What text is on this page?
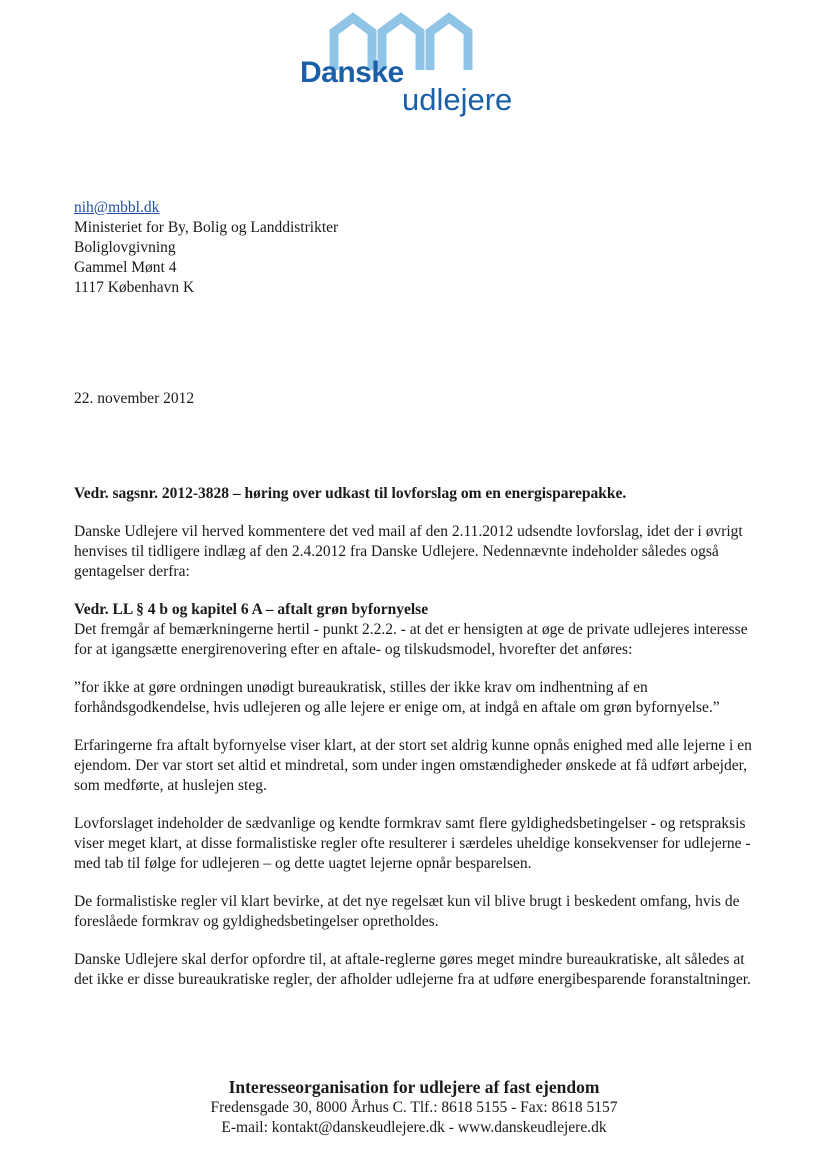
Danske
udlejere
nih@mbbl.dk
Ministeriet for By, Bolig og Landdistrikter
Boliglovgivning
Gammel Mønt 4
1117 København K
22. november 2012

Vedr. sagsnr. 2012-3828 – høring over udkast til lovforslag om en energisparepakke.

Danske Udlejere vil herved kommentere det ved mail af den 2.11.2012 udsendte lovforslag, idet der i øvrigt henvises til tidligere indlæg af den 2.4.2012 fra Danske Udlejere. Nedennævnte indeholder således også gentagelser derfra:

Vedr. LL § 4 b og kapitel 6 A – aftalt grøn byfornyelse

Det fremgår af bemærkningerne hertil - punkt 2.2.2. - at det er hensigten at øge de private udlejeres interesse for at igangsætte energirenovering efter en aftale- og tilskudsmodel, hvorefter det anføres:

”for ikke at gøre ordningen unødigt bureaukratisk, stilles der ikke krav om indhentning af en forhåndsgodkendelse, hvis udlejeren og alle lejere er enige om, at indgå en aftale om grøn byfornyelse.”

Erfaringerne fra aftalt byfornyelse viser klart, at der stort set aldrig kunne opnås enighed med alle lejerne i en ejendom. Der var stort set altid et mindretal, som under ingen omstændigheder ønskede at få udført arbejder, som medførte, at huslejen steg.

Lovforslaget indeholder de sædvanlige og kendte formkrav samt flere gyldighedsbetingelser - og retspraksis viser meget klart, at disse formalistiske regler ofte resulterer i særdeles uheldige konsekvenser for udlejerne - med tab til følge for udlejeren – og dette uagtet lejerne opnår besparelsen.

De formalistiske regler vil klart bevirke, at det nye regelsæt kun vil blive brugt i beskedent omfang, hvis de foreslåede formkrav og gyldighedsbetingelser opretholdes.

Danske Udlejere skal derfor opfordre til, at aftale-reglerne gøres meget mindre bureaukratiske, alt således at det ikke er disse bureaukratiske regler, der afholder udlejerne fra at udføre energibesparende foranstaltninger.

Interesseorganisation for udlejere af fast ejendom
Fredensgade 30, 8000 Århus C. Tlf.: 8618 5155 - Fax: 8618 5157
E-mail: kontakt@danskeudlejere.dk - www.danskeudlejere.dk
